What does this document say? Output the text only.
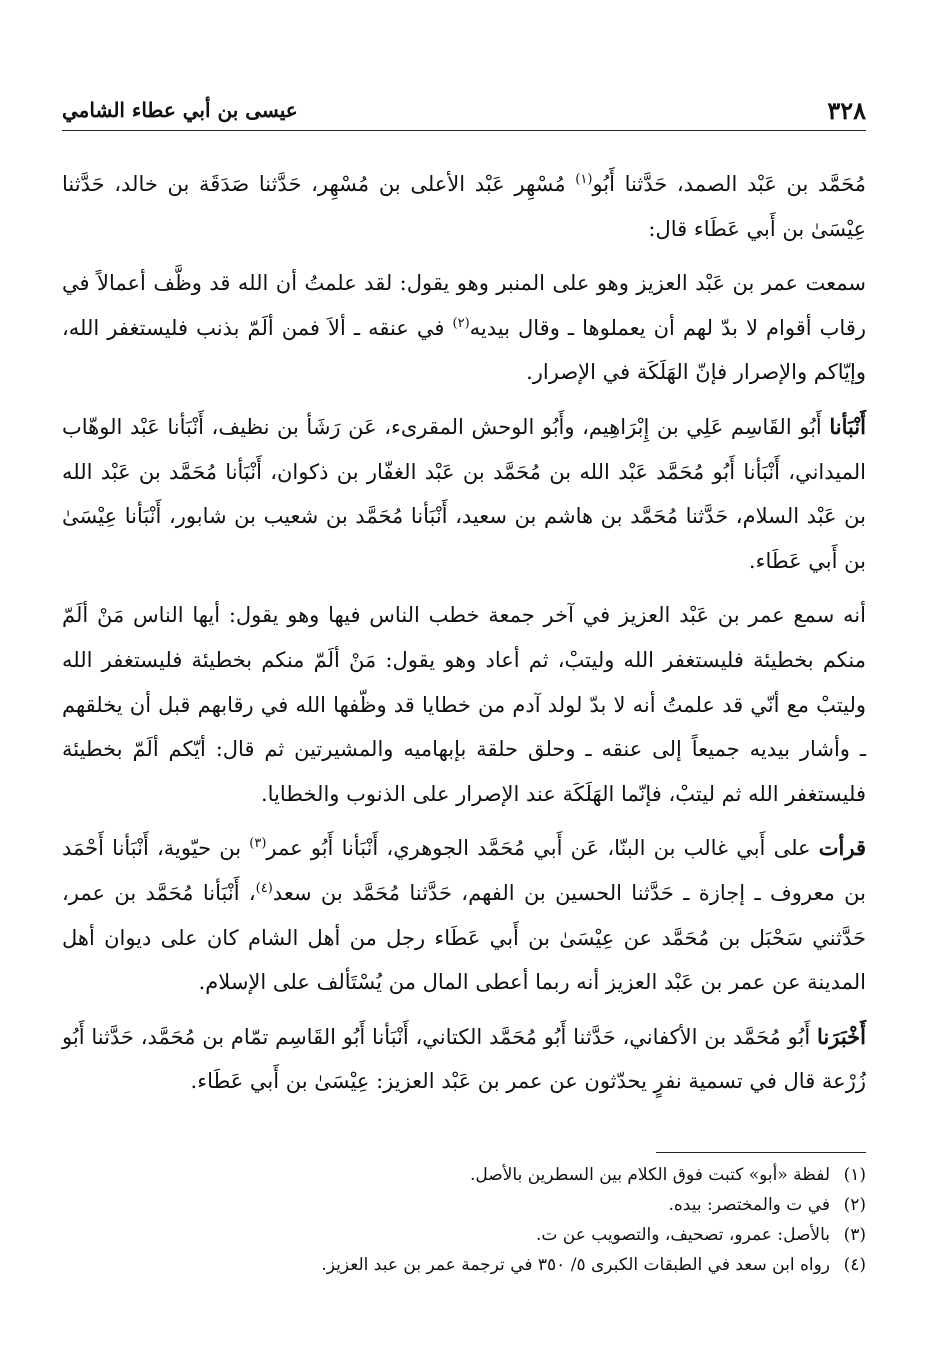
٣٢٨
عيسى بن أبي عطاء الشامي

مُحَمَّد بن عَبْد الصمد، حَدَّثنا أَبُو$^{(١)}$ مُسْهِر عَبْد الأعلى بن مُسْهِر، حَدَّثنا صَدَقَة بن خالد، حَدَّثنا عِيْسَىٰ بن أَبي عَطَاء قال:

سمعت عمر بن عَبْد العزيز وهو على المنبر وهو يقول: لقد علمتُ أن الله قد وظَّف أعمالاً في رقاب أقوام لا بدّ لهم أن يعملوها ـ وقال بيديه$^{(٢)}$ في عنقه ـ ألاَ فمن ألَمّ بذنب فليستغفر الله، وإيّاكم والإصرار فإنّ الهَلَكَة في الإصرار.

أَنْبَأنا أَبُو القَاسِم عَلِي بن إِبْرَاهِيم، وأَبُو الوحش المقرىء، عَن رَشَأ بن نظيف، أَنْبَأنا عَبْد الوهّاب الميداني، أَنْبَأنا أَبُو مُحَمَّد عَبْد الله بن مُحَمَّد بن عَبْد الغفّار بن ذكوان، أَنْبَأنا مُحَمَّد بن عَبْد الله بن عَبْد السلام، حَدَّثنا مُحَمَّد بن هاشم بن سعيد، أَنْبَأنا مُحَمَّد بن شعيب بن شابور، أَنْبَأنا عِيْسَىٰ بن أَبي عَطَاء.

أنه سمع عمر بن عَبْد العزيز في آخر جمعة خطب الناس فيها وهو يقول: أيها الناس مَنْ ألَمّ منكم بخطيئة فليستغفر الله وليتبْ، ثم أعاد وهو يقول: مَنْ ألَمّ منكم بخطيئة فليستغفر الله وليتبْ مع أنّي قد علمتُ أنه لا بدّ لولد آدم من خطايا قد وظّفها الله في رقابهم قبل أن يخلقهم ـ وأشار بيديه جميعاً إلى عنقه ـ وحلق حلقة بإبهاميه والمشيرتين ثم قال: أيّكم ألَمّ بخطيئة فليستغفر الله ثم ليتبْ، فإنّما الهَلَكَة عند الإصرار على الذنوب والخطايا.

قرأت على أَبي غالب بن البنّا، عَن أَبي مُحَمَّد الجوهري، أَنْبَأنا أَبُو عمر$^{(٣)}$ بن حيّوية، أَنْبَأنا أَحْمَد بن معروف ـ إجازة ـ حَدَّثنا الحسين بن الفهم، حَدَّثنا مُحَمَّد بن سعد$^{(٤)}$، أَنْبَأنا مُحَمَّد بن عمر، حَدَّثني سَحْبَل بن مُحَمَّد عن عِيْسَىٰ بن أَبي عَطَاء رجل من أهل الشام كان على ديوان أهل المدينة عن عمر بن عَبْد العزيز أنه ربما أعطى المال من يُسْتَألف على الإسلام.

أَخْبَرَنا أَبُو مُحَمَّد بن الأكفاني، حَدَّثنا أَبُو مُحَمَّد الكتاني، أَنْبَأنا أَبُو القَاسِم تمّام بن مُحَمَّد، حَدَّثنا أَبُو زُرْعة قال في تسمية نفرٍ يحدّثون عن عمر بن عَبْد العزيز: عِيْسَىٰ بن أَبي عَطَاء.

(١)لفظة «أبو» كتبت فوق الكلام بين السطرين بالأصل.

(٢)في ت والمختصر: بيده.

(٣)بالأصل: عمرو، تصحيف، والتصويب عن ت.

(٤)رواه ابن سعد في الطبقات الكبرى ٥/ ٣٥٠ في ترجمة عمر بن عبد العزيز.
